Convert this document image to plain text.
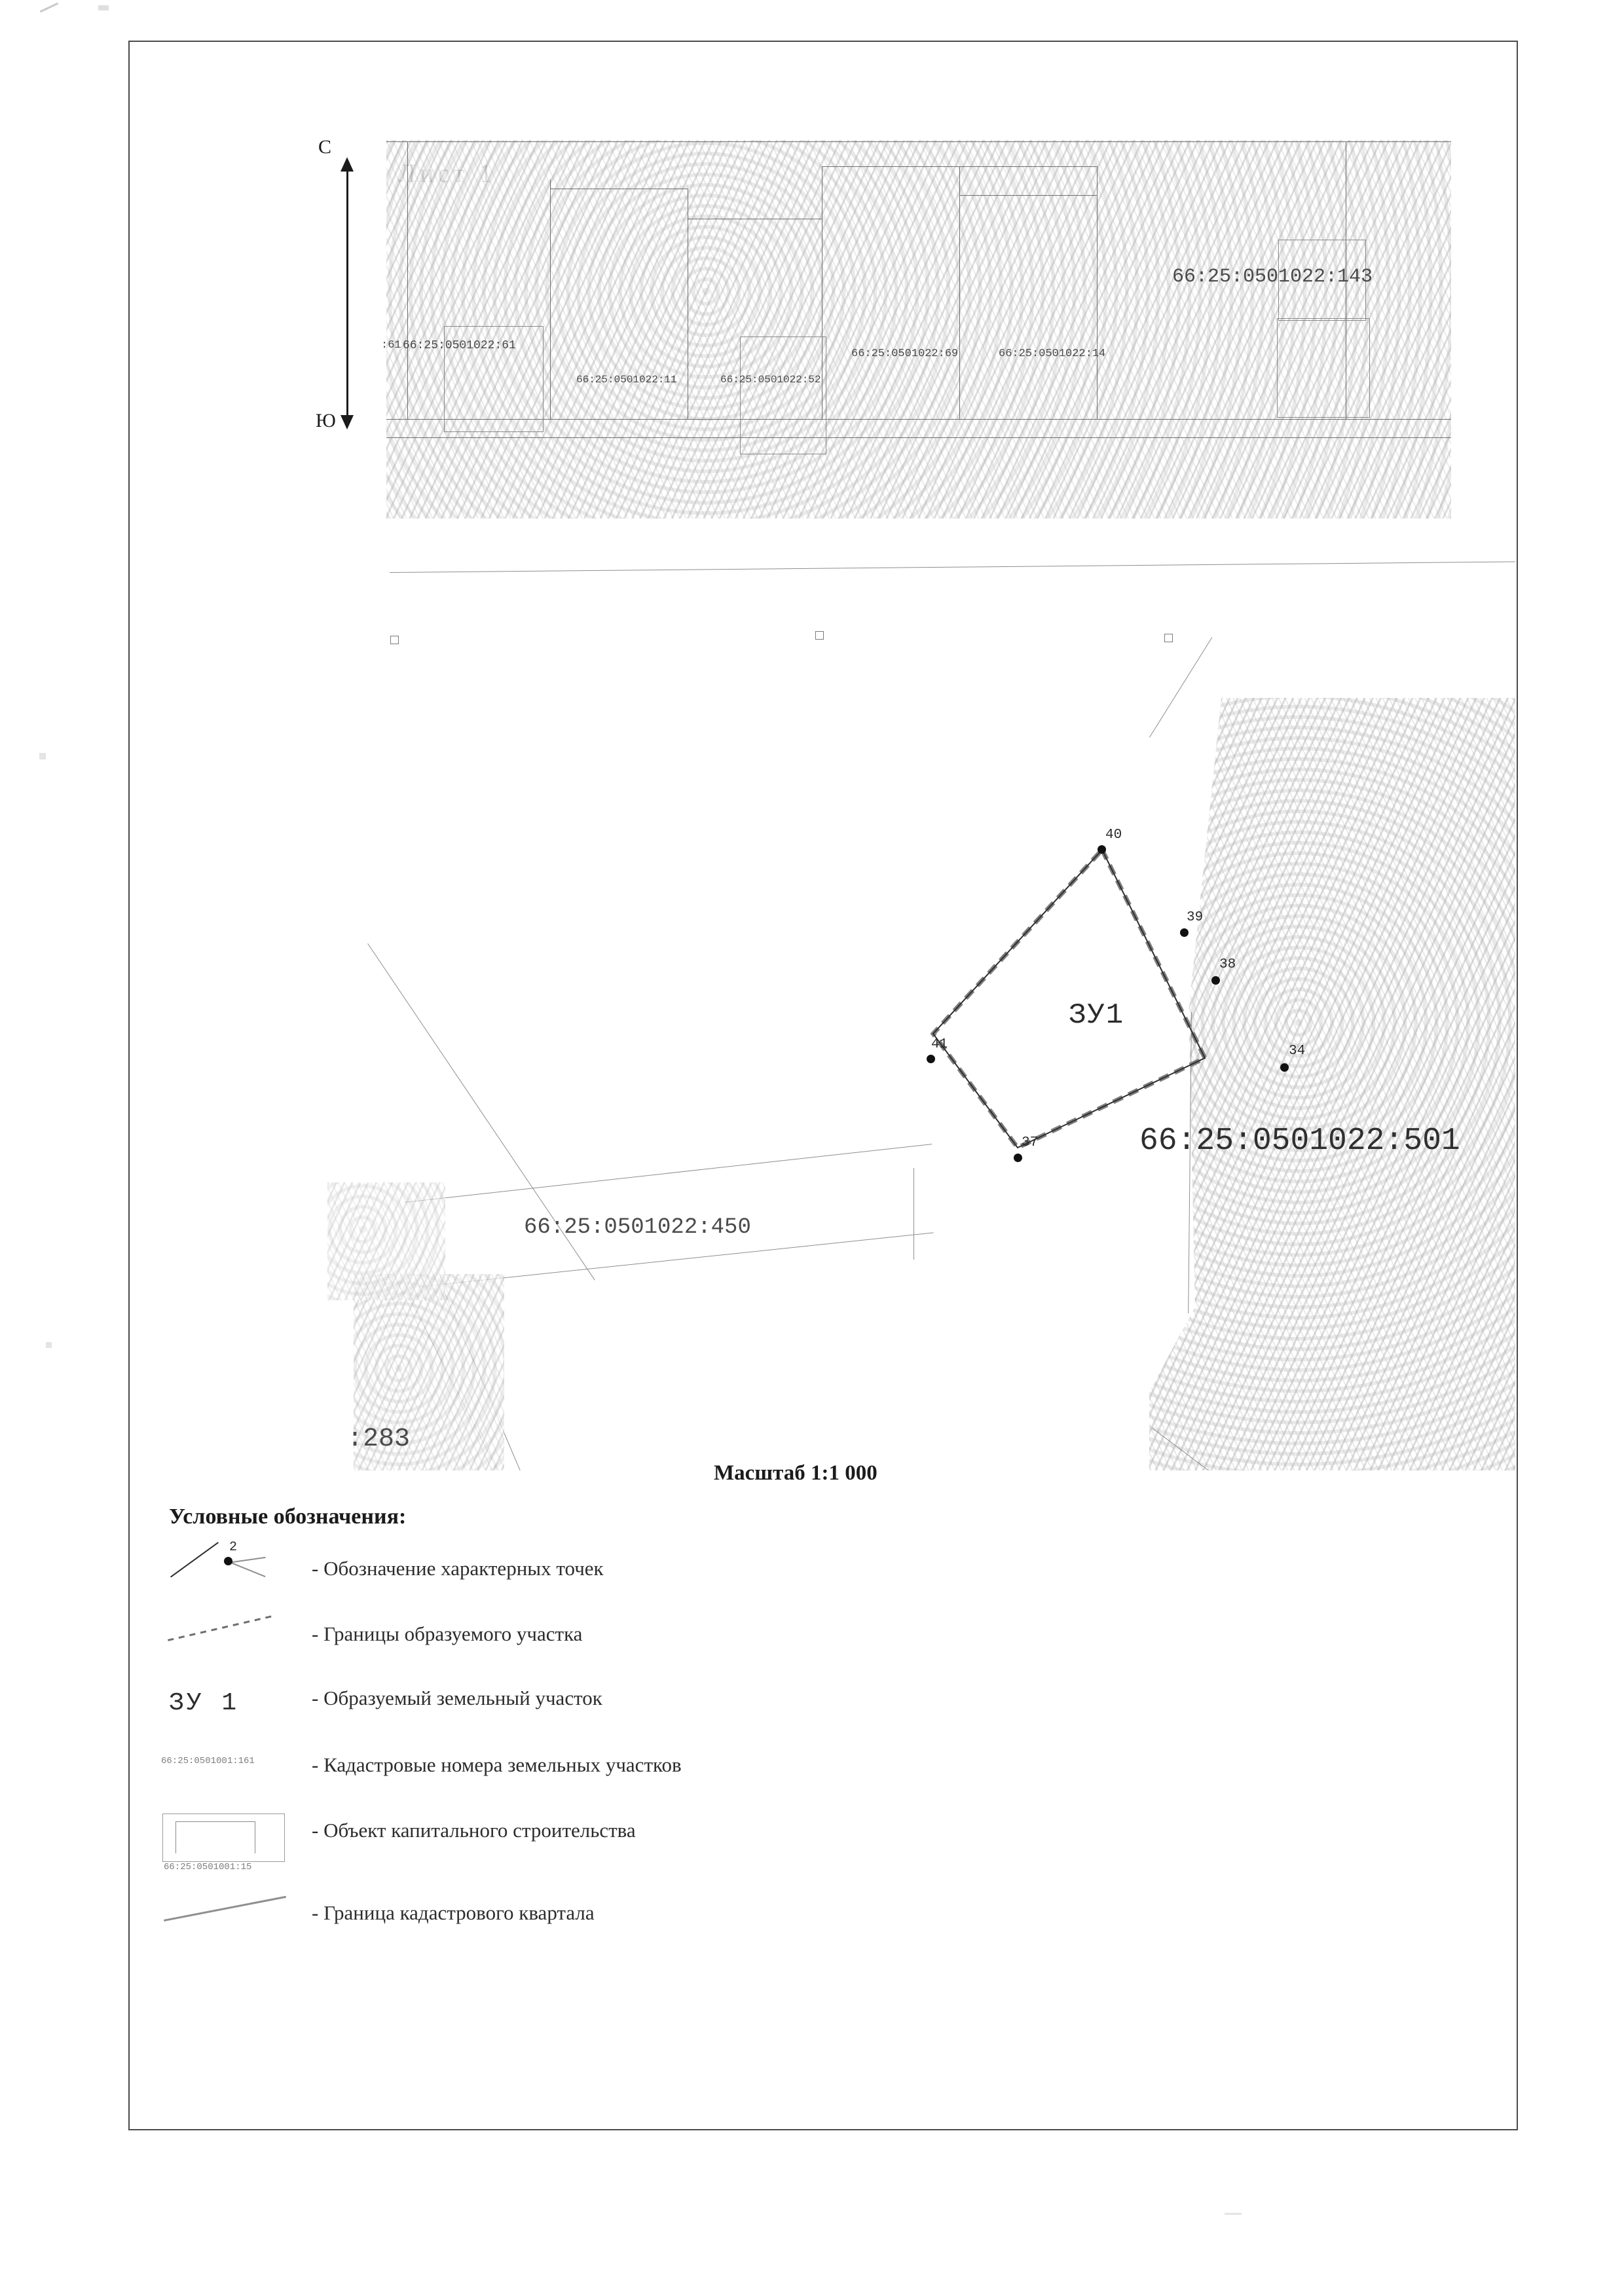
С
Ю
66:25:0501022:143
:61 66:25:0501022:61
66:25:0501022:11	66:25:0501022:52
66:25:0501022:69	66:25:0501022:14
66:25:0501022:501
40
39
38
34
37
41
ЗУ1
66:25:0501022:450
:283
Масштаб 1:1 000
Условные обозначения:
2
- Обозначение характерных точек
- Границы образуемого участка
ЗУ 1	- Образуемый земельный участок
66:25:0501001:161	- Кадастровые номера земельных участков
66:25:0501001:15
- Объект капитального строительства
- Граница кадастрового квартала
